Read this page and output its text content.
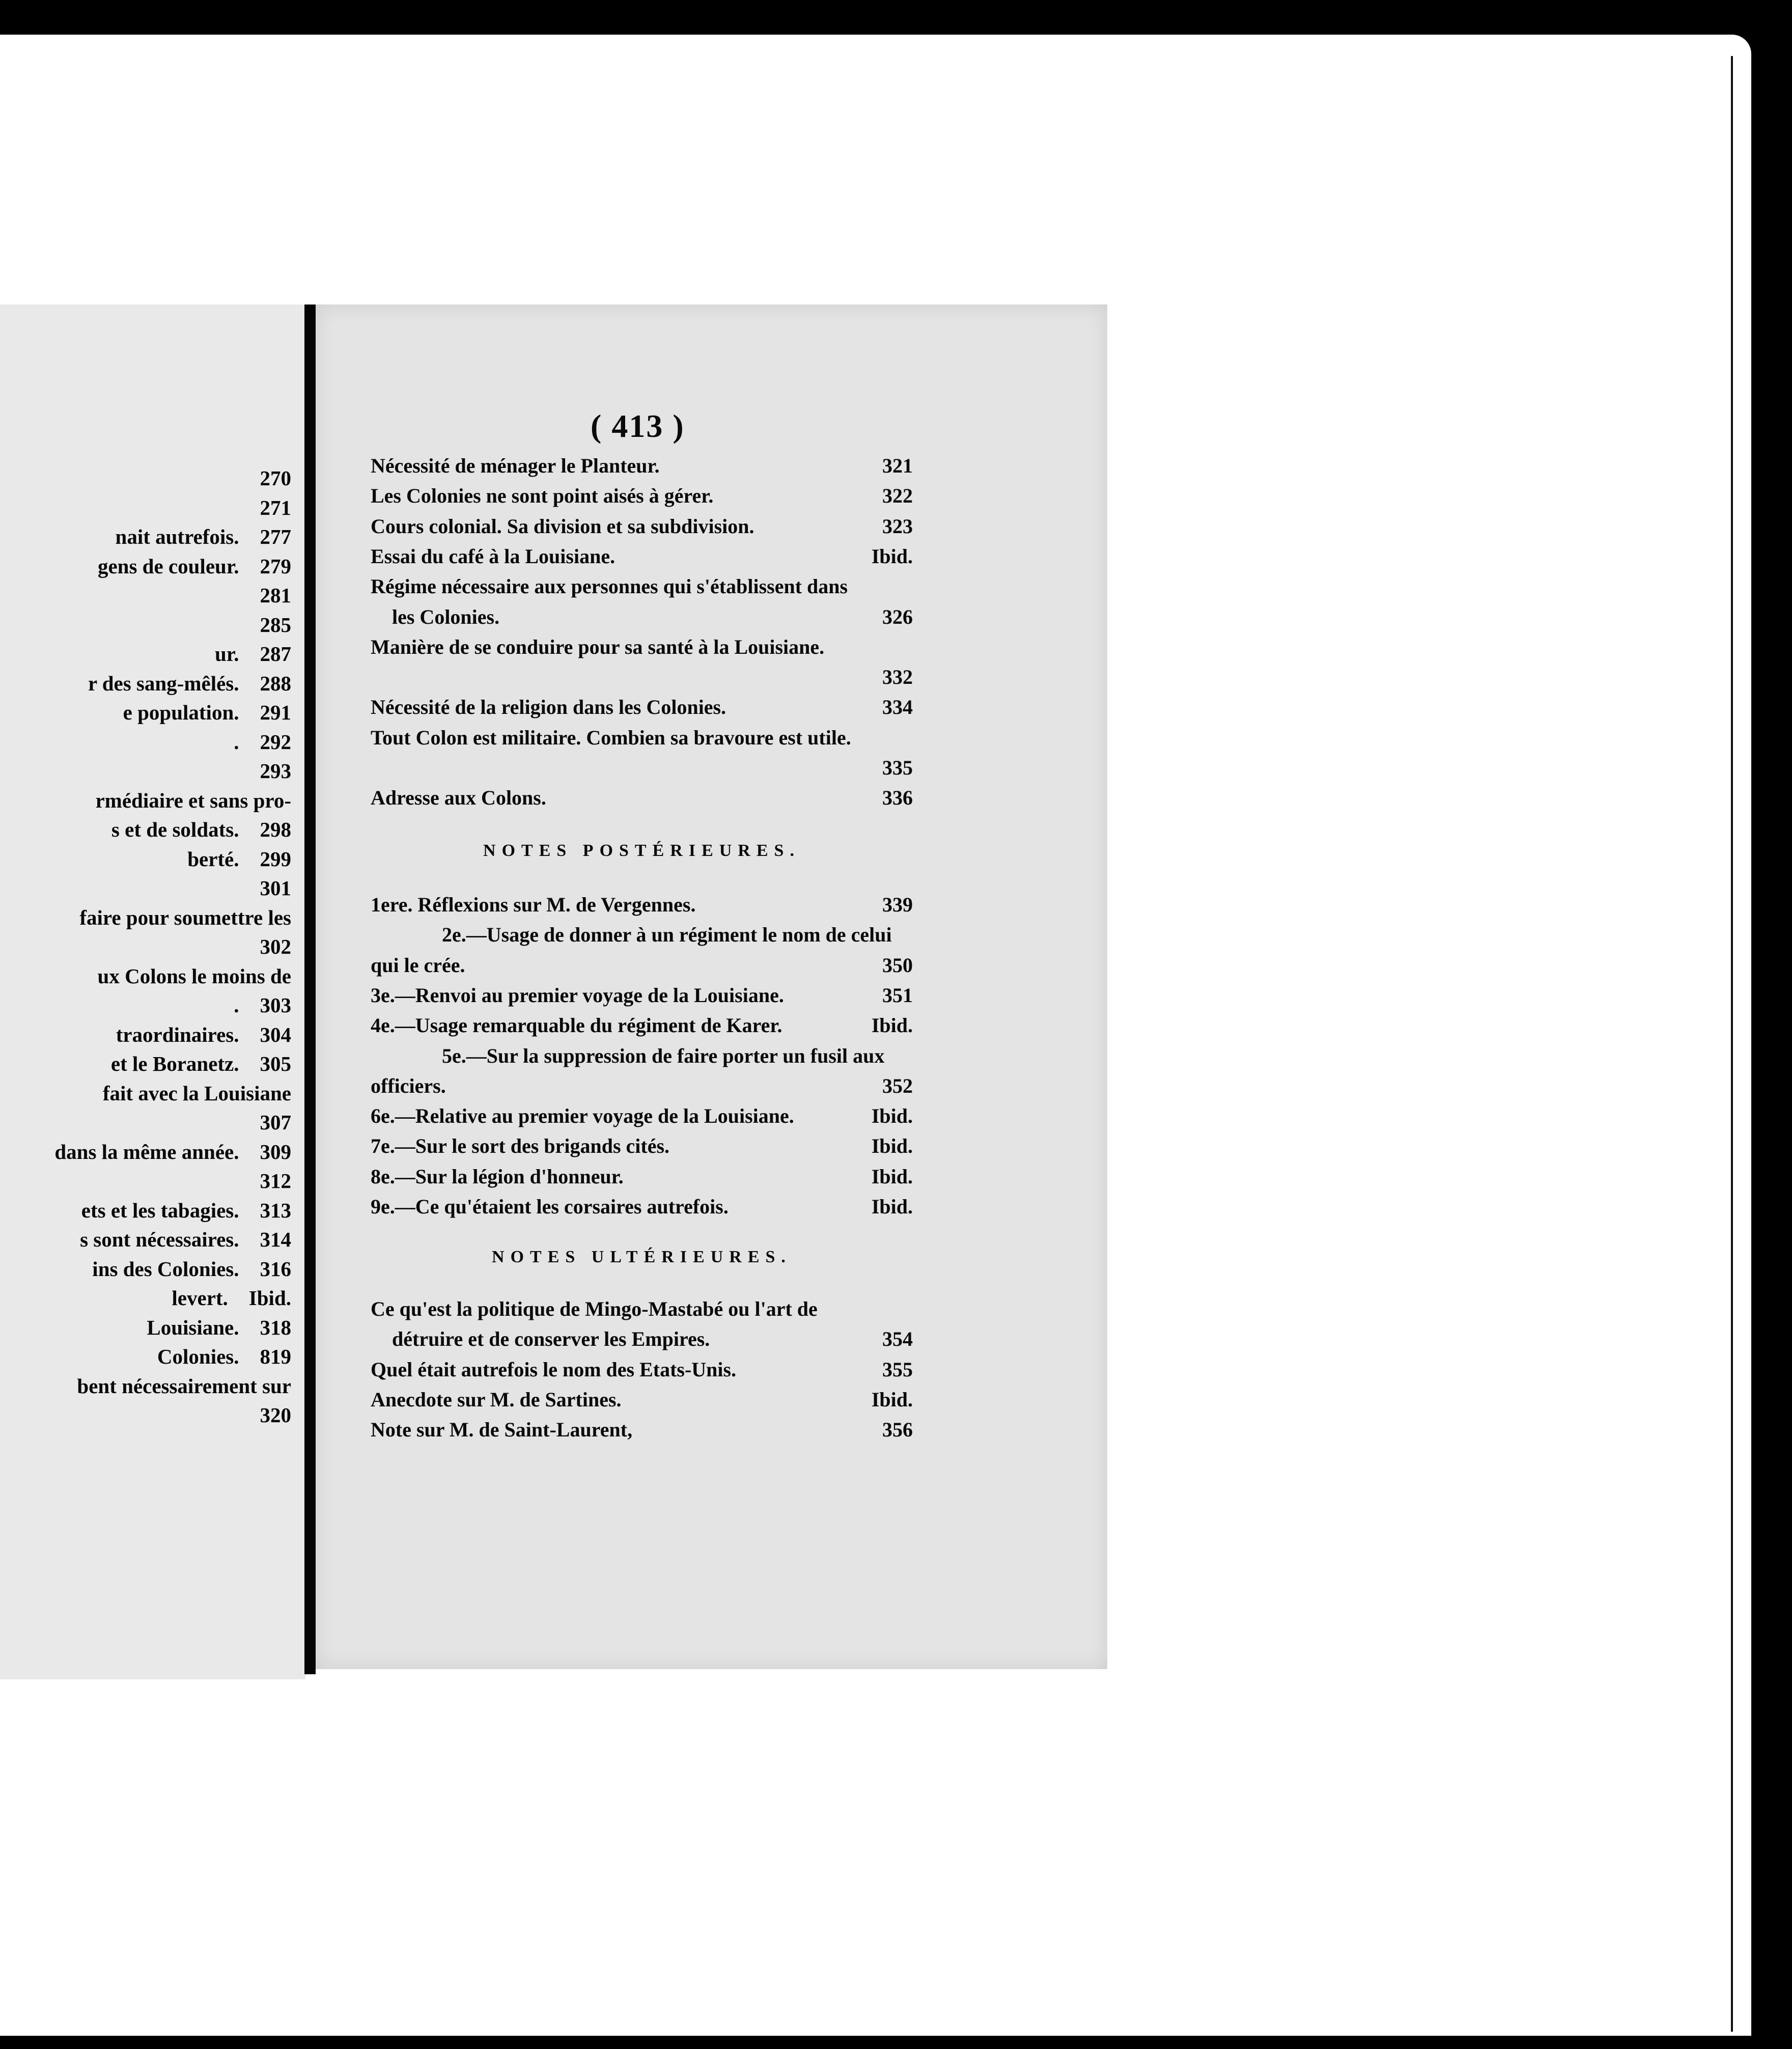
 270
 271
nait autrefois. 277
gens de couleur. 279
 281
 285
ur. 287
r des sang-mêlés. 288
e population. 291
. 292
 293
rmédiaire et sans pro-
s et de soldats. 298
berté. 299
 301
faire pour soumettre les
 302
ux Colons le moins de
. 303
traordinaires. 304
et le Boranetz. 305
fait avec la Louisiane
 307
dans la même année. 309
 312
ets et les tabagies. 313
s sont nécessaires. 314
ins des Colonies. 316
levert. Ibid.
Louisiane. 318
Colonies. 819
bent nécessairement sur
 320
( 413 )
Nécessité de ménager le Planteur.	321
Les Colonies ne sont point aisés à gérer.	322
Cours colonial. Sa division et sa subdivision.	323
Essai du café à la Louisiane.	Ibid.
Régime nécessaire aux personnes qui s'établissent dans
les Colonies.	326
Manière de se conduire pour sa santé à la Louisiane.
332
Nécessité de la religion dans les Colonies.	334
Tout Colon est militaire. Combien sa bravoure est utile.
335
Adresse aux Colons.	336
NOTES POSTÉRIEURES.
1ere. Réflexions sur M. de Vergennes.	339
2e.—Usage de donner à un régiment le nom de celui
qui le crée.	350
3e.—Renvoi au premier voyage de la Louisiane.	351
4e.—Usage remarquable du régiment de Karer.	Ibid.
5e.—Sur la suppression de faire porter un fusil aux
officiers.	352
6e.—Relative au premier voyage de la Louisiane.	Ibid.
7e.—Sur le sort des brigands cités.	Ibid.
8e.—Sur la légion d'honneur.	Ibid.
9e.—Ce qu'étaient les corsaires autrefois.	Ibid.
NOTES ULTÉRIEURES.
Ce qu'est la politique de Mingo-Mastabé ou l'art de
détruire et de conserver les Empires.	354
Quel était autrefois le nom des Etats-Unis.	355
Anecdote sur M. de Sartines.	Ibid.
Note sur M. de Saint-Laurent,	356
